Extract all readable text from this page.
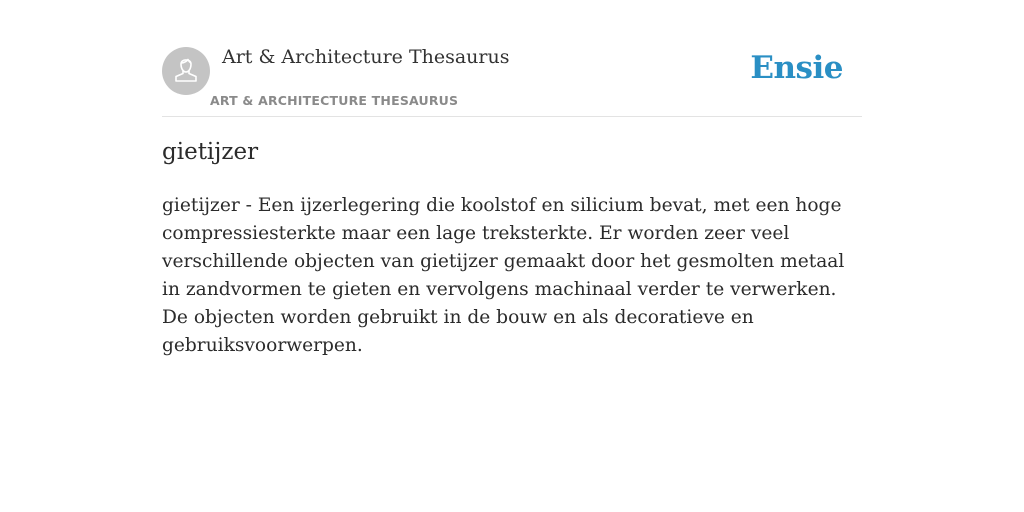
Art & Architecture Thesaurus
ART & ARCHITECTURE THESAURUS
Ensie
gietijzer

gietijzer - Een ijzerlegering die koolstof en silicium bevat, met een hoge compressiesterkte maar een lage treksterkte. Er worden zeer veel verschillende objecten van gietijzer gemaakt door het gesmolten metaal in zandvormen te gieten en vervolgens machinaal verder te verwerken. De objecten worden gebruikt in de bouw en als decoratieve en gebruiksvoorwerpen.
